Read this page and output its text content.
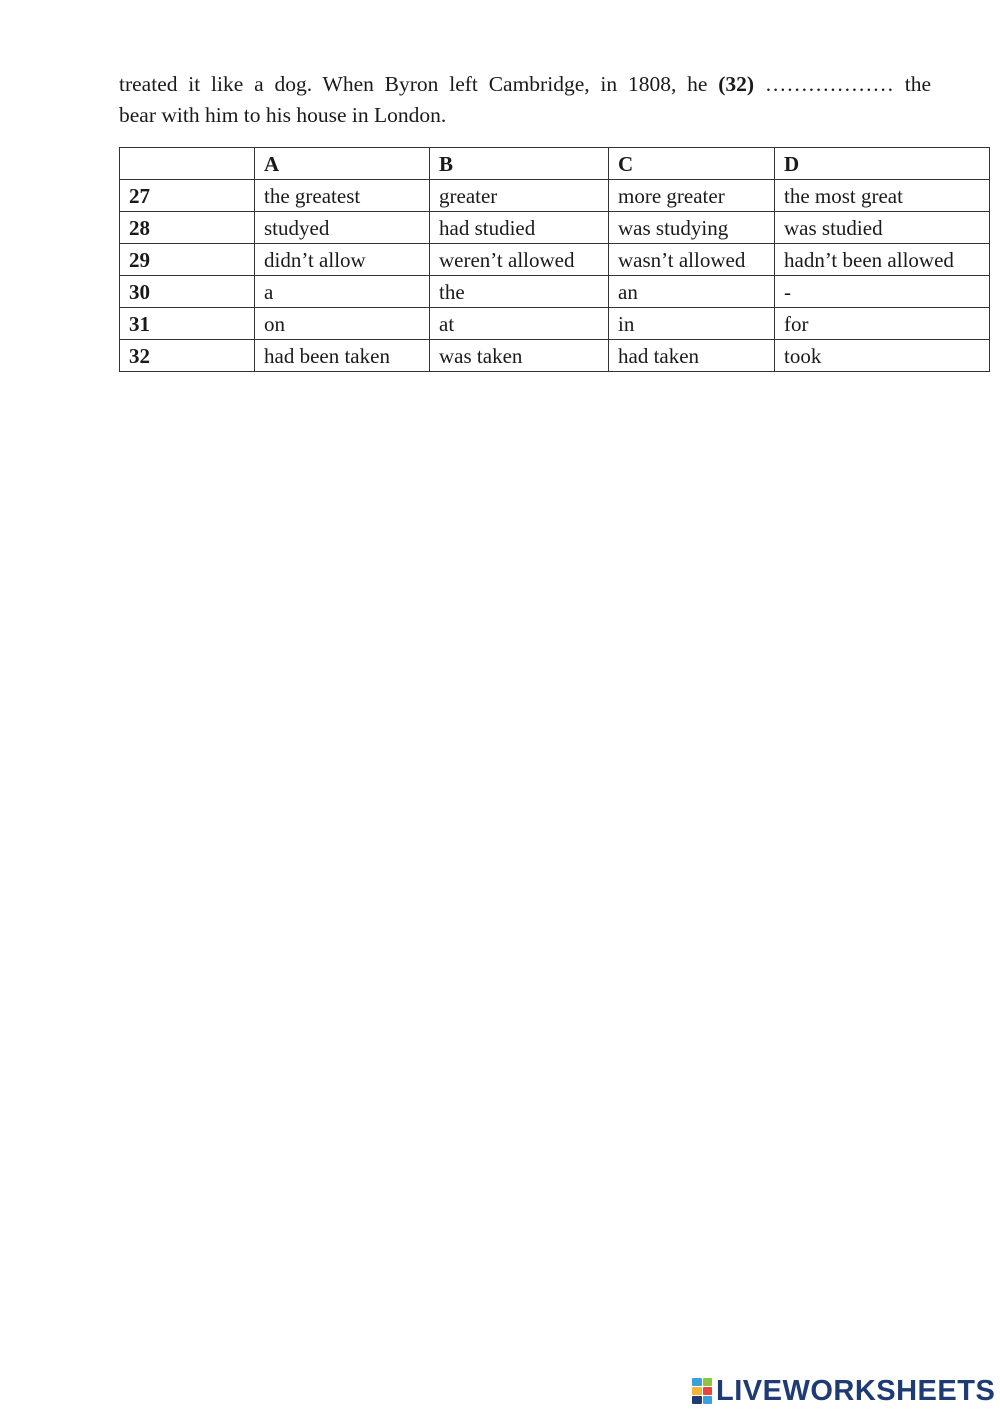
treated it like a dog. When Byron left Cambridge, in 1808, he (32) ……………… the
bear with him to his house in London.
	A	B	C	D
27	the greatest	greater	more greater	the most great
28	studyed	had studied	was studying	was studied
29	didn’t allow	weren’t allowed	wasn’t allowed	hadn’t been allowed
30	a	the	an	-
31	on	at	in	for
32	had been taken	was taken	had taken	took
LIVEWORKSHEETS
